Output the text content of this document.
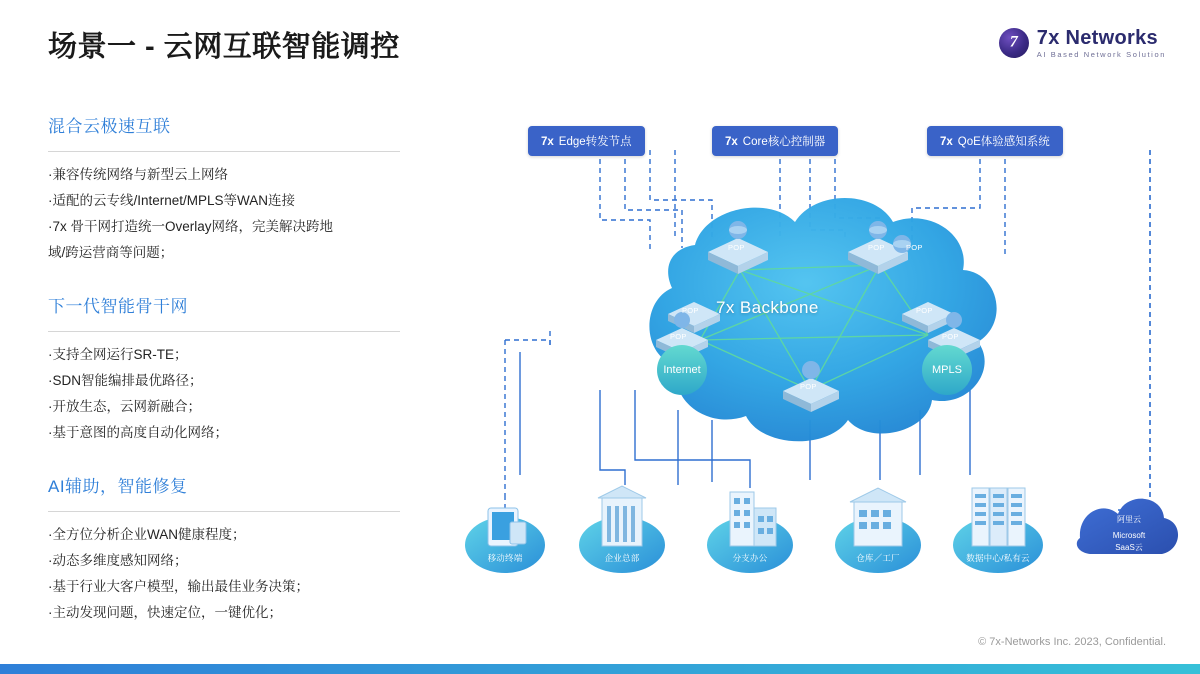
场景一 - 云网互联智能调控 7	7x Networks
AI Based Network Solution
混合云极速互联
·兼容传统网络与新型云上网络
·适配的云专线/Internet/MPLS等WAN连接
·7x 骨干网打造统一Overlay网络，完美解决跨地
域/跨运营商等问题；
下一代智能骨干网
·支持全网运行SR-TE；
·SDN智能编排最优路径；
·开放生态，云网新融合；
·基于意图的高度自动化网络；
AI辅助，智能修复
·全方位分析企业WAN健康程度；
·动态多维度感知网络；
·基于行业大客户模型，输出最佳业务决策；
·主动发现问题，快速定位，一键优化；
7x Edge转发节点	7x Core核心控制器	7x QoE体验感知系统
7x Backbone
POP	POP	POP
POP
POP
POP
POP
POP
Internet	MPLS
移动终端	企业总部	分支办公	仓库／工厂	数据中心/私有云
阿里云
Microsoft
SaaS云
© 7x-Networks Inc. 2023, Confidential.
